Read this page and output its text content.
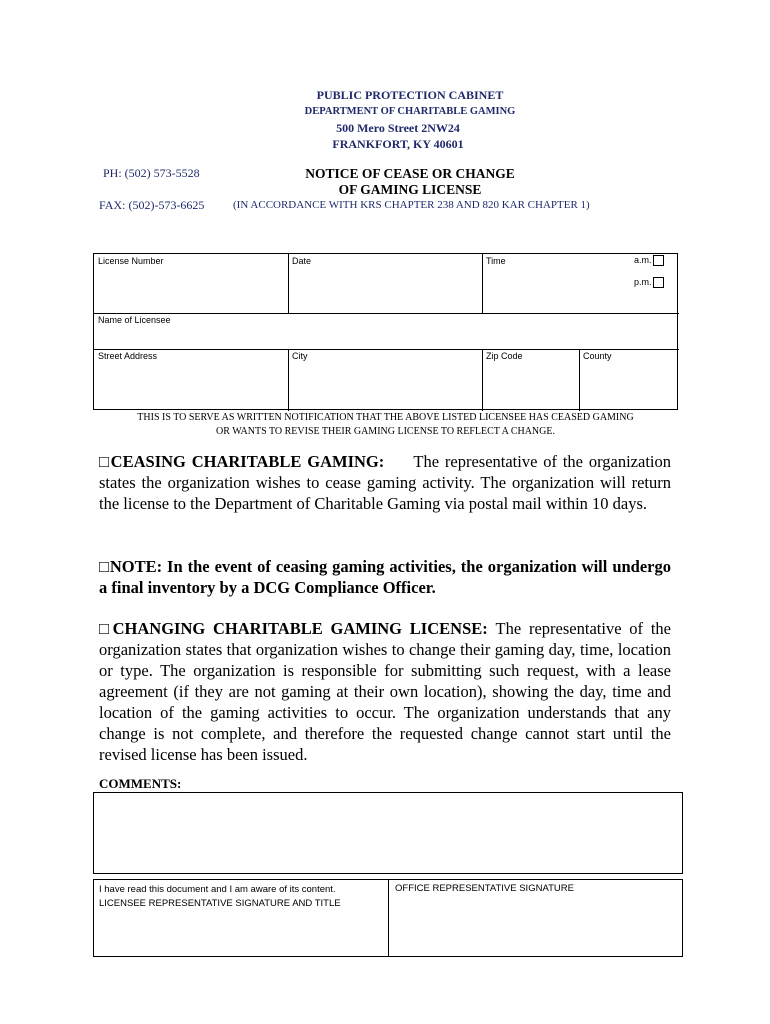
PUBLIC PROTECTION CABINET
DEPARTMENT OF CHARITABLE GAMING
500 Mero Street 2NW24
FRANKFORT, KY 40601
PH: (502) 573-5528
FAX: (502)-573-6625
NOTICE OF CEASE OR CHANGE
OF GAMING LICENSE
(IN ACCORDANCE WITH KRS CHAPTER 238 AND 820 KAR CHAPTER 1)
License Number	Date	Time	a.m.
p.m.
Name of Licensee
Street Address	City	Zip Code	County
THIS IS TO SERVE AS WRITTEN NOTIFICATION THAT THE ABOVE LISTED LICENSEE HAS CEASED GAMING
OR WANTS TO REVISE THEIR GAMING LICENSE TO REFLECT A CHANGE.
□CEASING CHARITABLE GAMING: The representative of the organization states the organization wishes to cease gaming activity. The organization will return the license to the Department of Charitable Gaming via postal mail within 10 days.
□NOTE: In the event of ceasing gaming activities, the organization will undergo a final inventory by a DCG Compliance Officer.
□CHANGING CHARITABLE GAMING LICENSE: The representative of the organization states that organization wishes to change their gaming day, time, location or type. The organization is responsible for submitting such request, with a lease agreement (if they are not gaming at their own location), showing the day, time and location of the gaming activities to occur. The organization understands that any change is not complete, and therefore the requested change cannot start until the revised license has been issued.
COMMENTS:
I have read this document and I am aware of its content.
LICENSEE REPRESENTATIVE SIGNATURE AND TITLE
OFFICE REPRESENTATIVE SIGNATURE
